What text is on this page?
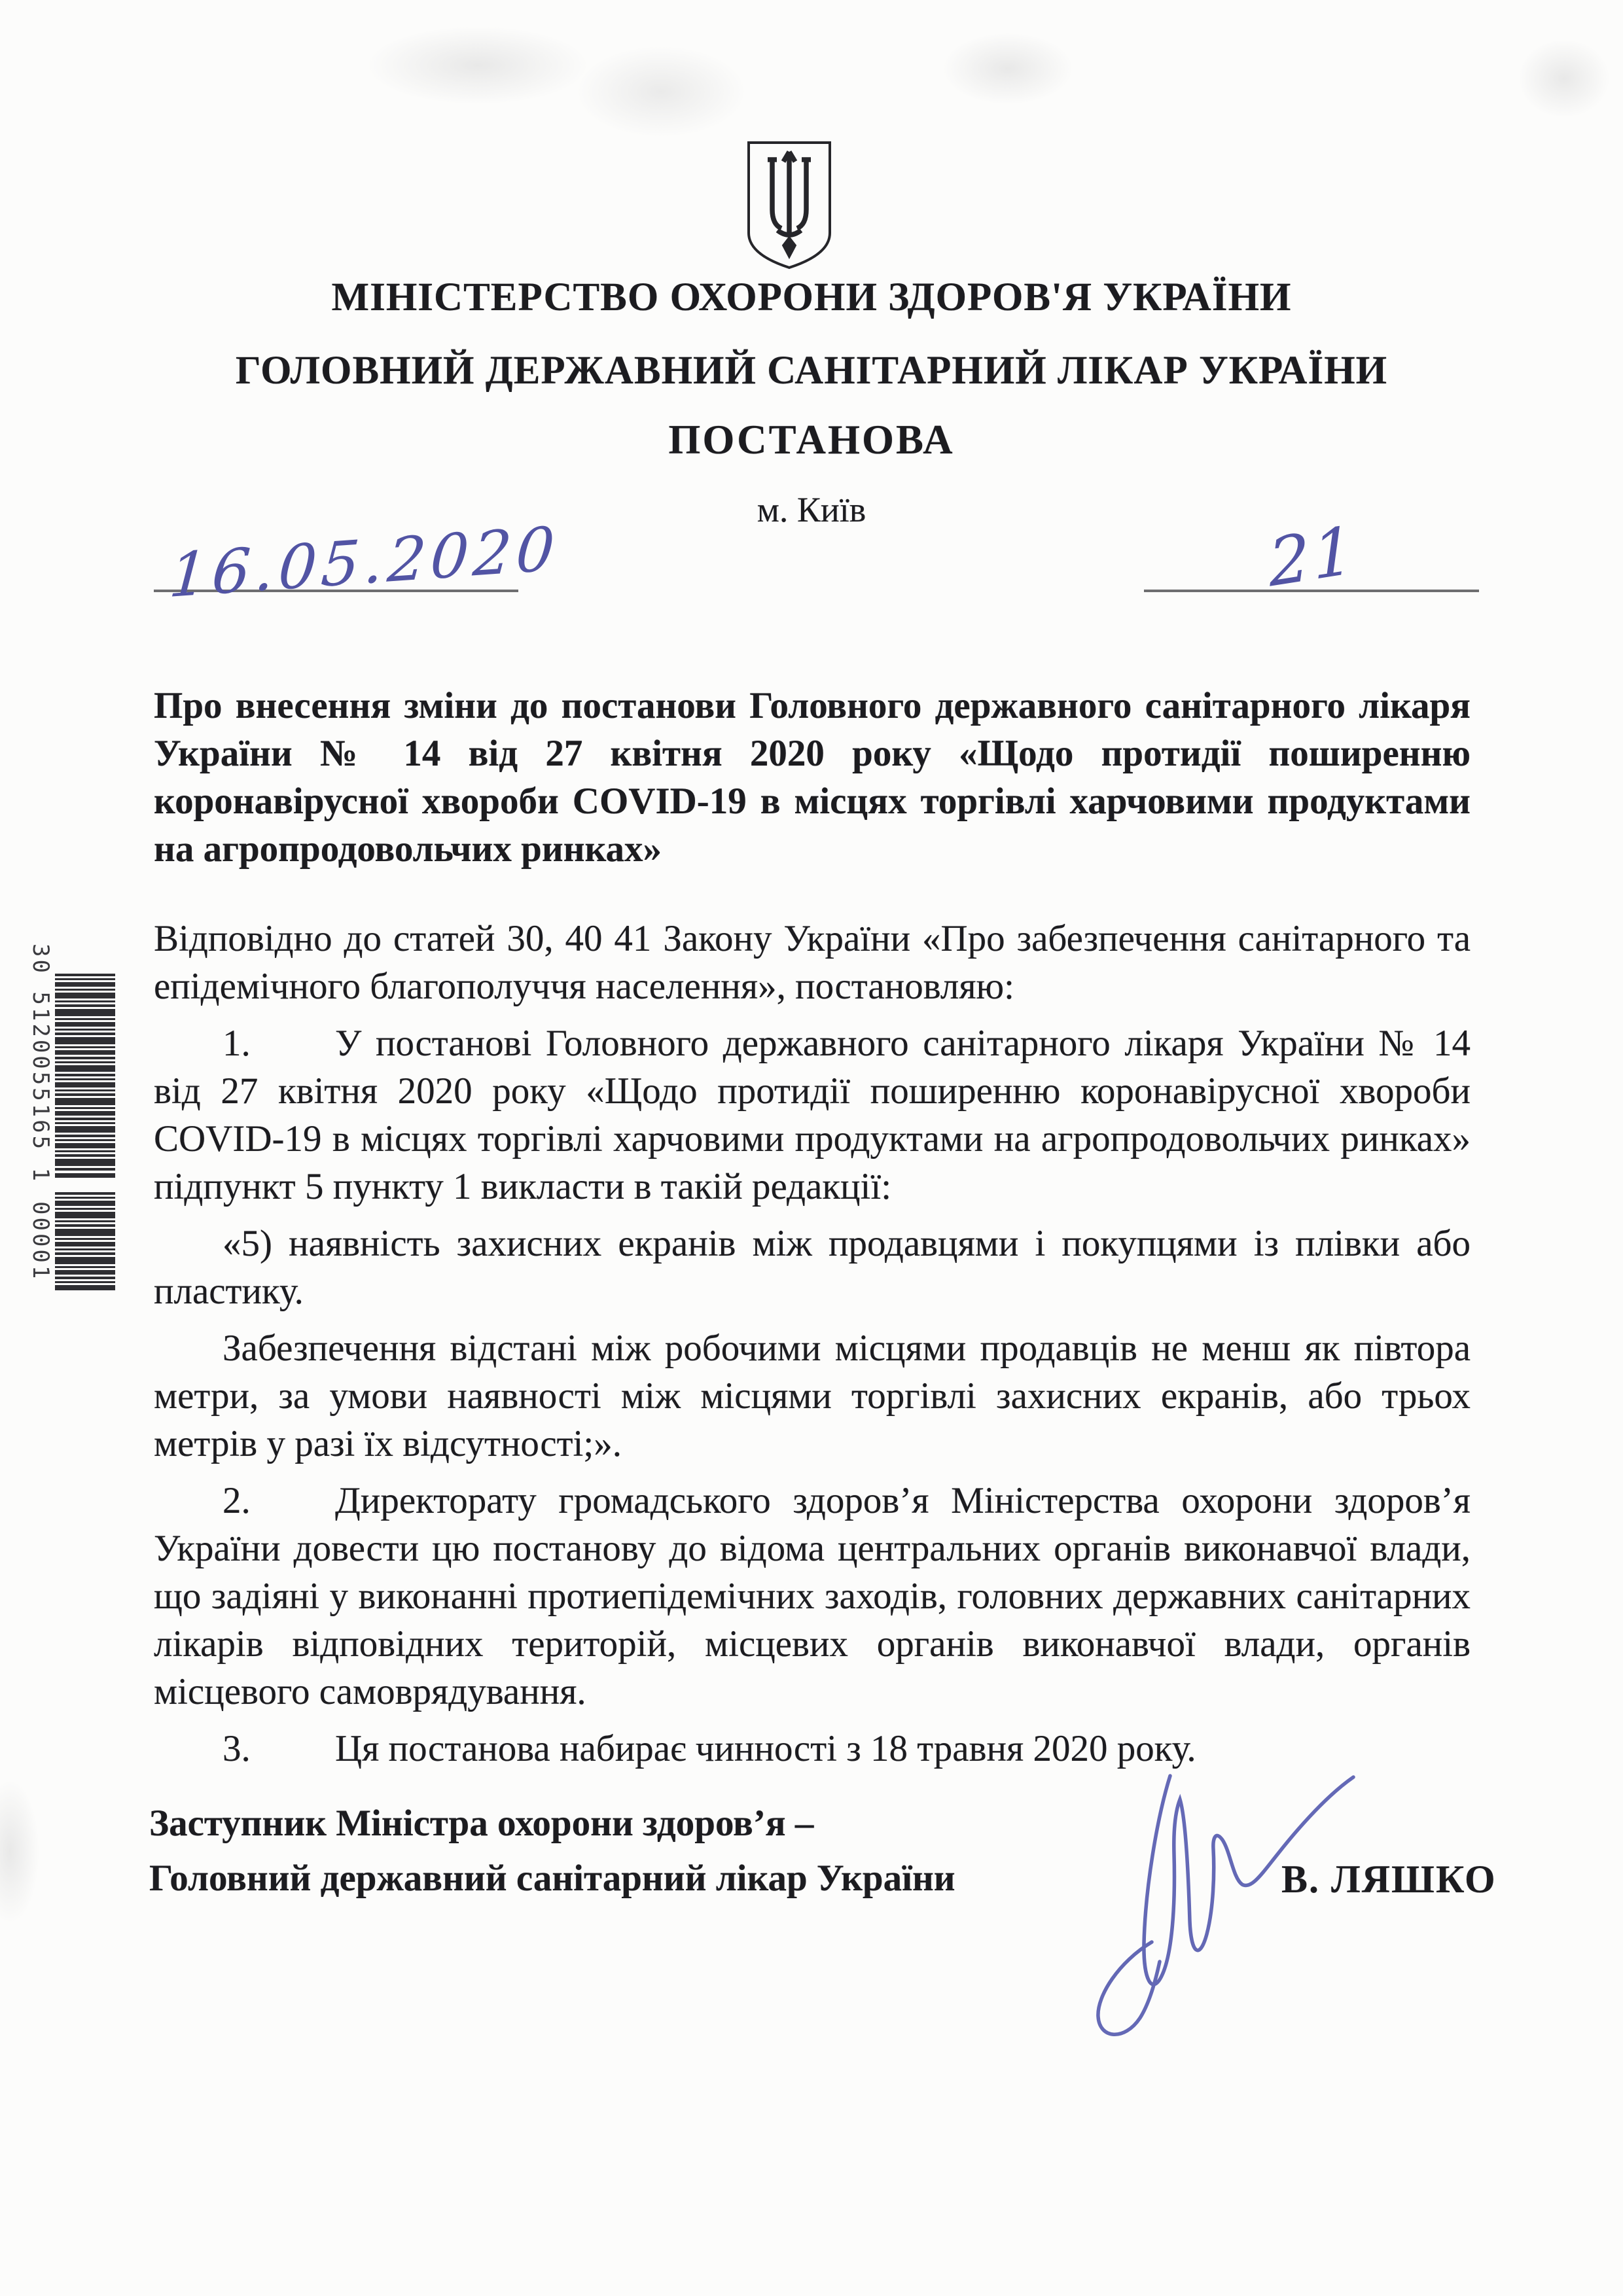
МІНІСТЕРСТВО ОХОРОНИ ЗДОРОВ'Я УКРАЇНИ
ГОЛОВНИЙ ДЕРЖАВНИЙ САНІТАРНИЙ ЛІКАР УКРАЇНИ
ПОСТАНОВА
м. Київ
16.05.2020	21
Про внесення зміни до постанови Головного державного санітарного лікаря
України № 14 від 27 квітня 2020 року «Щодо протидії поширенню
коронавірусної хвороби COVID-19 в місцях торгівлі харчовими продуктами
на агропродовольчих ринках»

Відповідно до статей 30, 40 41 Закону України «Про забезпечення санітарного та епідемічного благополуччя населення», постановляю:

1. У постанові Головного державного санітарного лікаря України № 14 від 27 квітня 2020 року «Щодо протидії поширенню коронавірусної хвороби COVID-19 в місцях торгівлі харчовими продуктами на агропродовольчих ринках» підпункт 5 пункту 1 викласти в такій редакції:

«5) наявність захисних екранів між продавцями і покупцями із плівки або пластику.

Забезпечення відстані між робочими місцями продавців не менш як півтора метри, за умови наявності між місцями торгівлі захисних екранів, або трьох метрів у разі їх відсутності;».

2. Директорату громадського здоров’я Міністерства охорони здоров’я України довести цю постанову до відома центральних органів виконавчої влади, що задіяні у виконанні протиепідемічних заходів, головних державних санітарних лікарів відповідних територій, місцевих органів виконавчої влади, органів місцевого самоврядування.

3. Ця постанова набирає чинності з 18 травня 2020 року.

Заступник Міністра охорони здоров’я –
Головний державний санітарний лікар України	В. ЛЯШКО
30 5120055165 1
00001
